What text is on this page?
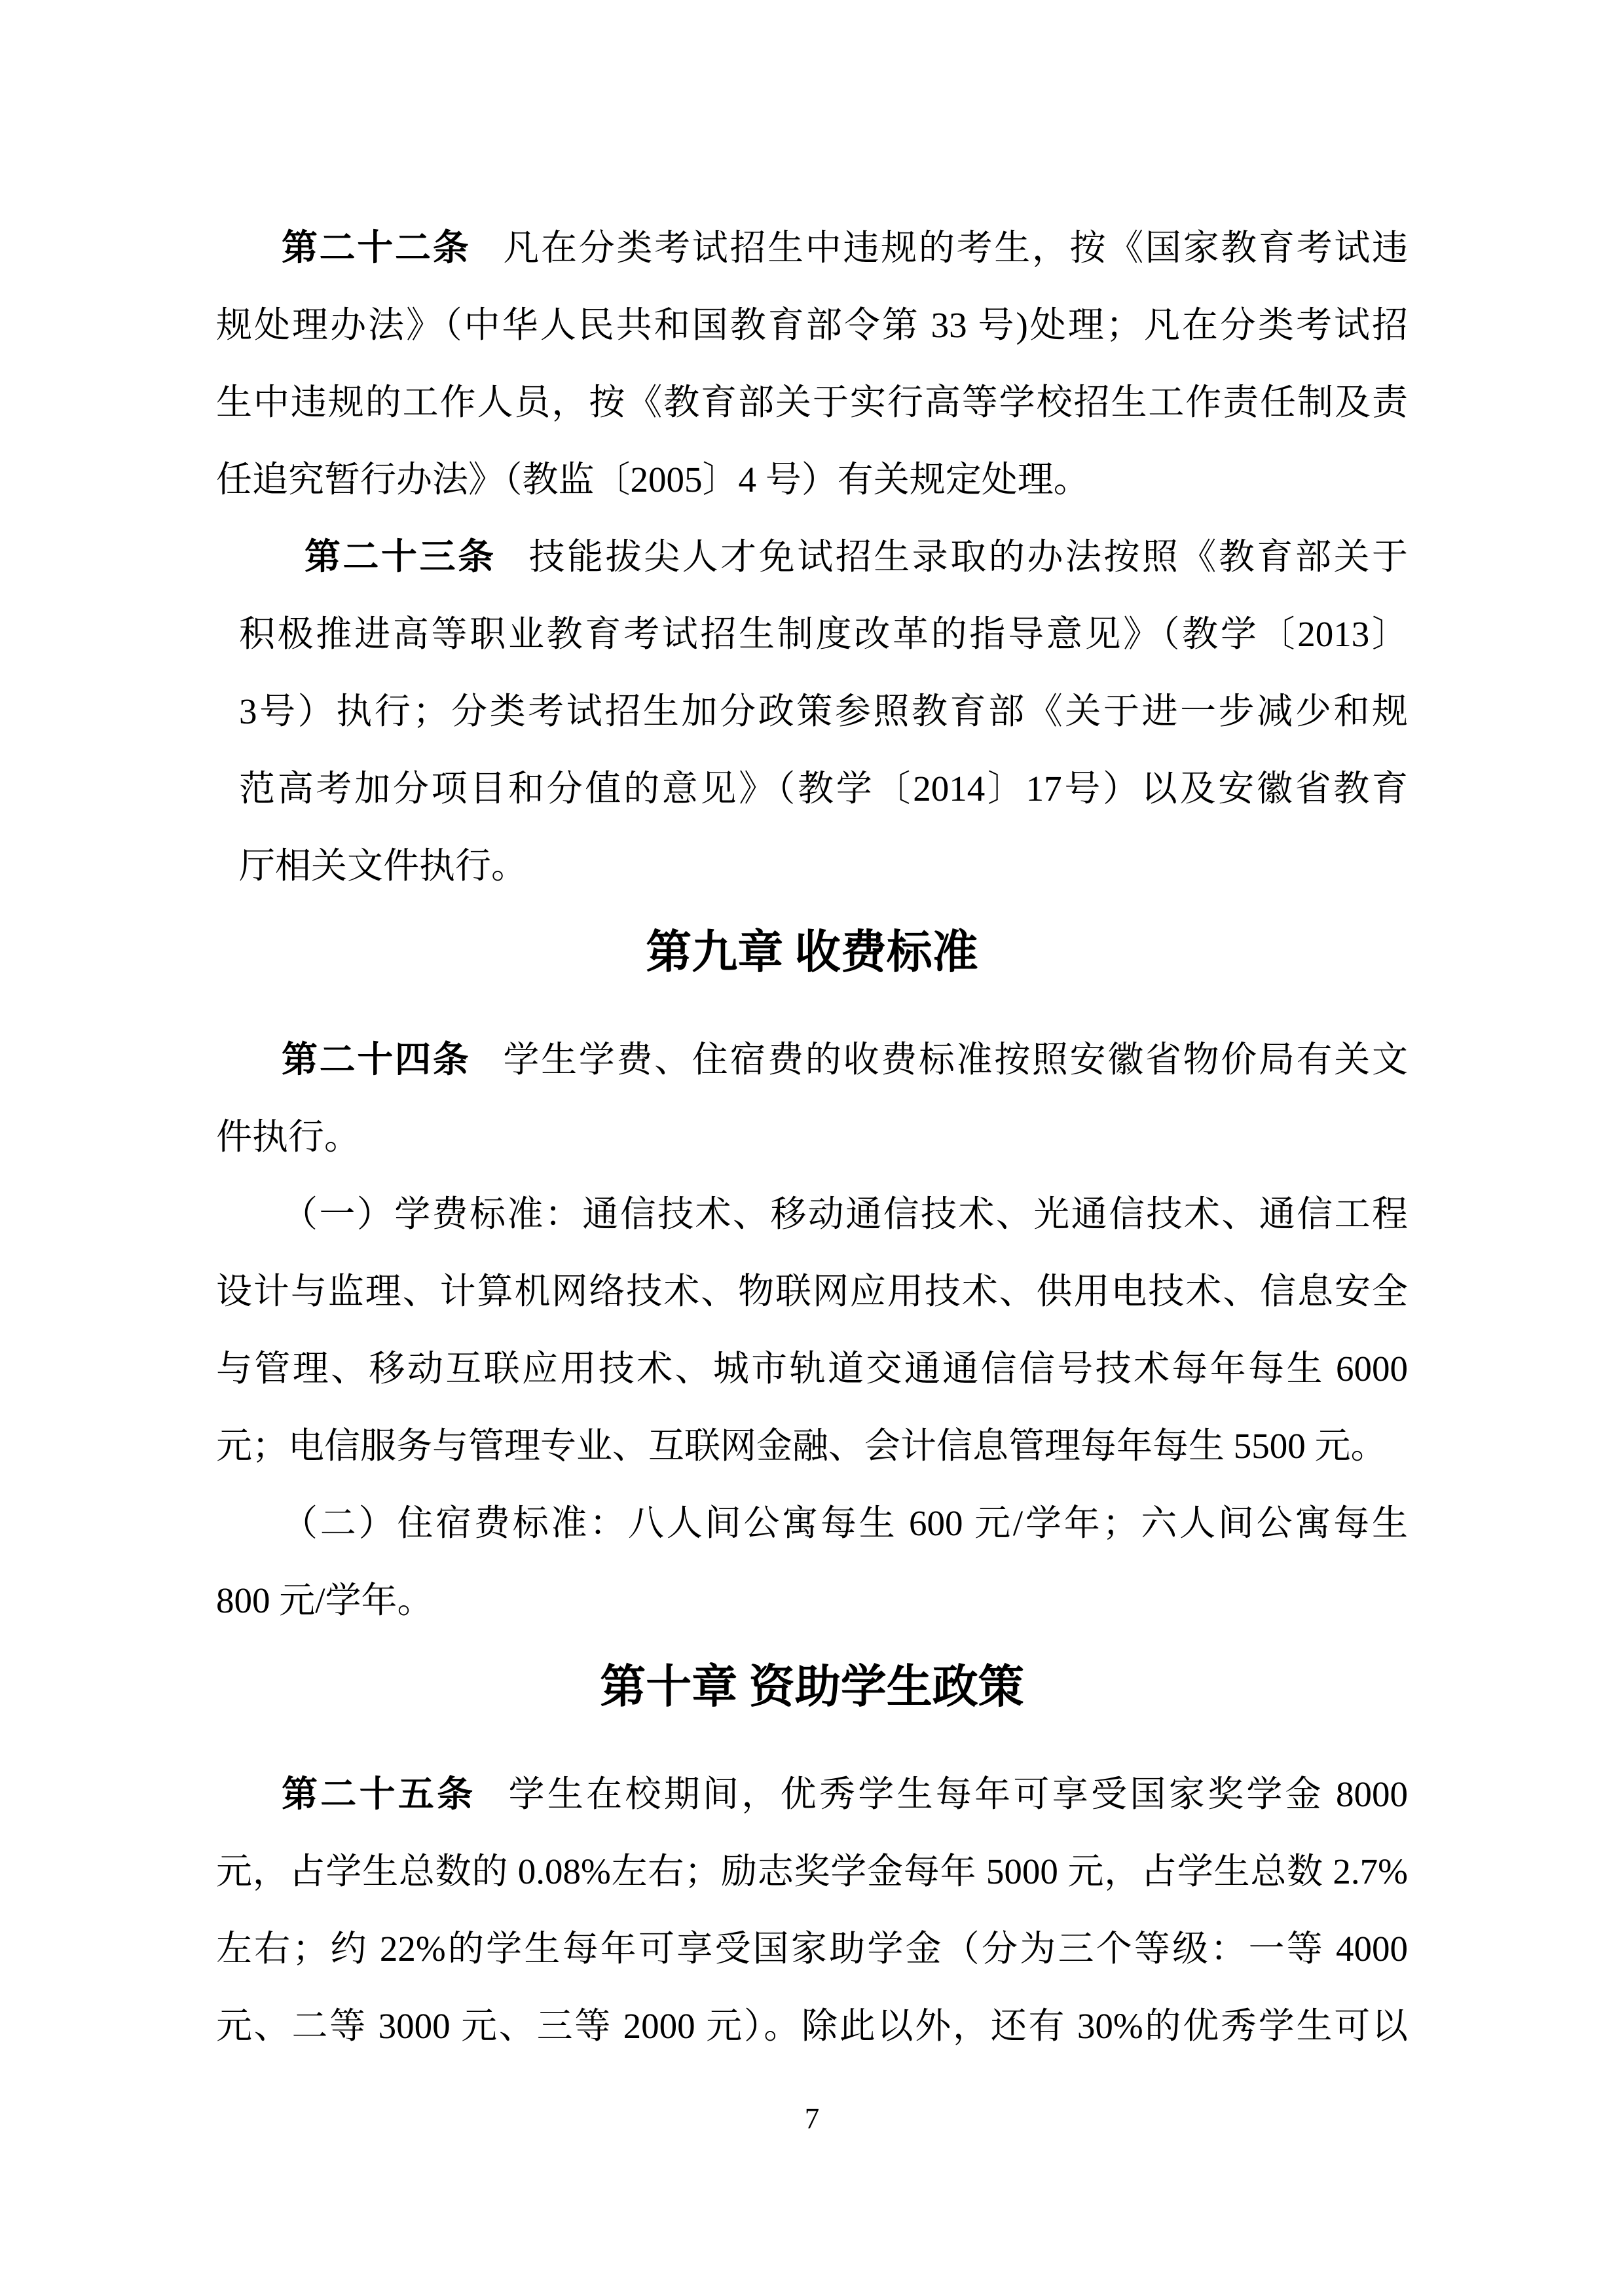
第二十二条 凡在分类考试招生中违规的考生，按《国家教育考试违
规处理办法》（中华人民共和国教育部令第 33 号)处理；凡在分类考试招
生中违规的工作人员，按《教育部关于实行高等学校招生工作责任制及责
任追究暂行办法》（教监〔2005〕4 号）有关规定处理。
第二十三条 技能拔尖人才免试招生录取的办法按照《教育部关于
积极推进高等职业教育考试招生制度改革的指导意见》（教学〔2013〕
3号）执行；分类考试招生加分政策参照教育部《关于进一步减少和规
范高考加分项目和分值的意见》（教学〔2014〕17号）以及安徽省教育
厅相关文件执行。
第九章 收费标准
第二十四条 学生学费、住宿费的收费标准按照安徽省物价局有关文
件执行。
（一）学费标准：通信技术、移动通信技术、光通信技术、通信工程
设计与监理、计算机网络技术、物联网应用技术、供用电技术、信息安全
与管理、移动互联应用技术、城市轨道交通通信信号技术每年每生 6000
元；电信服务与管理专业、互联网金融、会计信息管理每年每生 5500 元。
（二）住宿费标准：八人间公寓每生 600 元/学年；六人间公寓每生
800 元/学年。
第十章 资助学生政策
第二十五条 学生在校期间，优秀学生每年可享受国家奖学金 8000
元，占学生总数的 0.08%左右；励志奖学金每年 5000 元，占学生总数 2.7%
左右；约 22%的学生每年可享受国家助学金（分为三个等级：一等 4000
元、二等 3000 元、三等 2000 元）。除此以外，还有 30%的优秀学生可以
7
